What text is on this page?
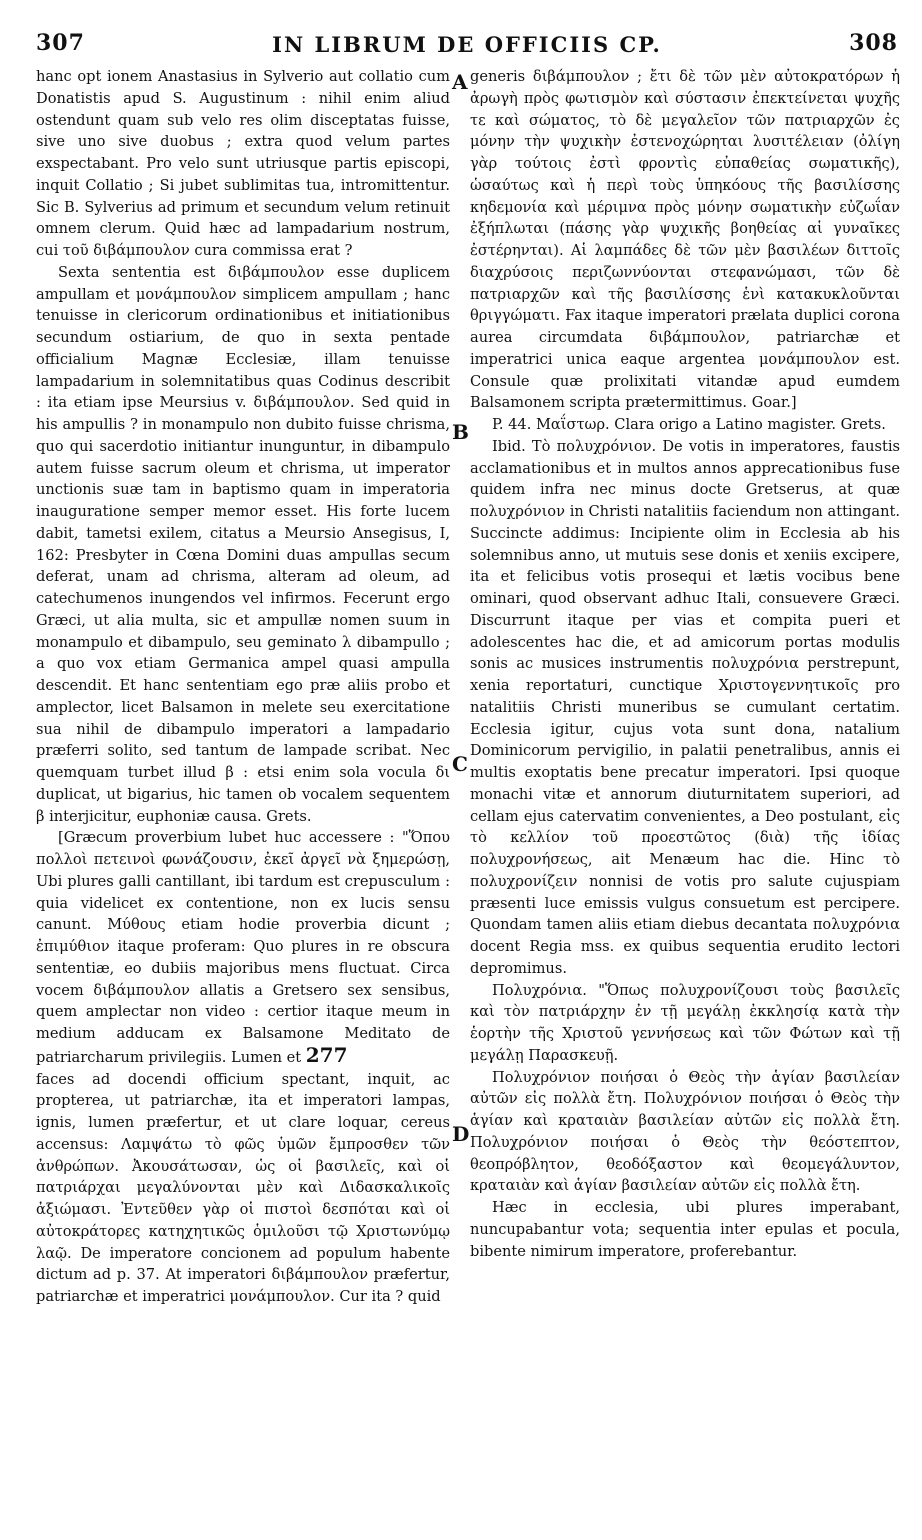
307	IN LIBRUM DE OFFICIIS CP.	308

hanc opt ionem Anastasius in Sylverio aut collatio cum Donatistis apud S. Augustinum : nihil enim aliud ostendunt quam sub velo res olim disceptatas fuisse, sive uno sive duobus ; extra quod velum partes exspectabant. Pro velo sunt utriusque partis episcopi, inquit Collatio ; Si jubet sublimitas tua, intromittentur. Sic B. Sylverius ad primum et secundum velum retinuit omnem clerum. Quid hæc ad lampadarium nostrum, cui τοῦ διβάμπουλον cura commissa erat ?

Sexta sententia est διβάμπουλον esse duplicem ampullam et μονάμπουλον simplicem ampullam ; hanc tenuisse in clericorum ordinationibus et initiationibus secundum ostiarium, de quo in sexta pentade officialium Magnæ Ecclesiæ, illam tenuisse lampadarium in solemnitatibus quas Codinus describit : ita etiam ipse Meursius v. διβάμπουλον. Sed quid in his ampullis ? in monampulo non dubito fuisse chrisma, quo qui sacerdotio initiantur inunguntur, in dibampulo autem fuisse sacrum oleum et chrisma, ut imperator unctionis suæ tam in baptismo quam in imperatoria inauguratione semper memor esset. His forte lucem dabit, tametsi exilem, citatus a Meursio Ansegisus, I, 162: Presbyter in Cœna Domini duas ampullas secum deferat, unam ad chrisma, alteram ad oleum, ad catechumenos inungendos vel infirmos. Fecerunt ergo Græci, ut alia multa, sic et ampullæ nomen suum in monampulo et dibampulo, seu geminato λ dibampullo ; a quo vox etiam Germanica ampel quasi ampulla descendit. Et hanc sententiam ego præ aliis probo et amplector, licet Balsamon in melete seu exercitatione sua nihil de dibampulo imperatori a lampadario præferri solito, sed tantum de lampade scribat. Nec quemquam turbet illud β : etsi enim sola vocula δι duplicat, ut bigarius, hic tamen ob vocalem sequentem β interjicitur, euphoniæ causa. Grets.

[Græcum proverbium lubet huc accessere : "Ὅπου πολλοὶ πετεινοὶ φωνάζουσιν, ἐκεῖ ἀργεῖ νὰ ξημερώσῃ, Ubi plures galli cantillant, ibi tardum est crepusculum : quia videlicet ex contentione, non ex lucis sensu canunt. Μύθους etiam hodie proverbia dicunt ; ἐπιμύθιον itaque proferam: Quo plures in re obscura sententiæ, eo dubiis majoribus mens fluctuat. Circa vocem διβάμπουλον allatis a Gretsero sex sensibus, quem amplectar non video : certior itaque meum in medium adducam ex Balsamone Meditato de patriarcharum privilegiis. Lumen et 277

faces ad docendi officium spectant, inquit, ac propterea, ut patriarchæ, ita et imperatori lampas, ignis, lumen præfertur, et ut clare loquar, cereus accensus: Λαμψάτω τὸ φῶς ὑμῶν ἔμπροσθεν τῶν ἀνθρώπων. Ἀκουσάτωσαν, ὡς οἱ βασιλεῖς, καὶ οἱ πατριάρχαι μεγαλύνονται μὲν καὶ Διδασκαλικοῖς ἀξιώμασι. Ἐντεῦθεν γὰρ οἱ πιστοὶ δεσπόται καὶ οἱ αὐτοκράτορες κατηχητικῶς ὁμιλοῦσι τῷ Χριστωνύμῳ λαῷ. De imperatore concionem ad populum habente dictum ad p. 37. At imperatori διβάμπουλον præfertur, patriarchæ et imperatrici μονάμπουλον. Cur ita ? quid

A
B
C
D

generis διβάμπουλον ; ἔτι δὲ τῶν μὲν αὐτοκρατόρων ἡ ἀρωγὴ πρὸς φωτισμὸν καὶ σύστασιν ἐπεκτείνεται ψυχῆς τε καὶ σώματος, τὸ δὲ μεγαλεῖον τῶν πατριαρχῶν ἐς μόνην τὴν ψυχικὴν ἐστενοχώρηται λυσιτέλειαν (ὀλίγη γὰρ τούτοις ἐστὶ φροντὶς εὐπαθείας σωματικῆς), ὡσαύτως καὶ ἡ περὶ τοὺς ὑπηκόους τῆς βασιλίσσης κηδεμονία καὶ μέριμνα πρὸς μόνην σωματικὴν εὐζωΐαν ἐξήπλωται (πάσης γὰρ ψυχικῆς βοηθείας αἱ γυναῖκες ἐστέρηνται). Αἱ λαμπάδες δὲ τῶν μὲν βασιλέων διττοῖς διαχρύσοις περιζωννύονται στεφανώμασι, τῶν δὲ πατριαρχῶν καὶ τῆς βασιλίσσης ἑνὶ κατακυκλοῦνται θριγγώματι. Fax itaque imperatori prælata duplici corona aurea circumdata διβάμπουλον, patriarchæ et imperatrici unica eaque argentea μονάμπουλον est. Consule quæ prolixitati vitandæ apud eumdem Balsamonem scripta prætermittimus. Goar.]

P. 44. Μαΐστωρ. Clara origo a Latino magister. Grets.

Ibid. Τὸ πολυχρόνιον. De votis in imperatores, faustis acclamationibus et in multos annos apprecationibus fuse quidem infra nec minus docte Gretserus, at quæ πολυχρόνιον in Christi natalitiis faciendum non attingant. Succincte addimus: Incipiente olim in Ecclesia ab his solemnibus anno, ut mutuis sese donis et xeniis excipere, ita et felicibus votis prosequi et lætis vocibus bene ominari, quod observant adhuc Itali, consuevere Græci. Discurrunt itaque per vias et compita pueri et adolescentes hac die, et ad amicorum portas modulis sonis ac musices instrumentis πολυχρόνια perstrepunt, xenia reportaturi, cunctique Χριστογεννητικοῖς pro natalitiis Christi muneribus se cumulant certatim. Ecclesia igitur, cujus vota sunt dona, natalium Dominicorum pervigilio, in palatii penetralibus, annis ei multis exoptatis bene precatur imperatori. Ipsi quoque monachi vitæ et annorum diuturnitatem superiori, ad cellam ejus catervatim convenientes, a Deo postulant, εἰς τὸ κελλίον τοῦ προεστῶτος (διὰ) τῆς ἰδίας πολυχρονήσεως, ait Menæum hac die. Hinc τὸ πολυχρονίζειν nonnisi de votis pro salute cujuspiam præsenti luce emissis vulgus consuetum est percipere. Quondam tamen aliis etiam diebus decantata πολυχρόνια docent Regia mss. ex quibus sequentia erudito lectori depromimus.

Πολυχρόνια. "Ὅπως πολυχρονίζουσι τοὺς βασιλεῖς καὶ τὸν πατριάρχην ἐν τῇ μεγάλῃ ἐκκλησίᾳ κατὰ τὴν ἑορτὴν τῆς Χριστοῦ γεννήσεως καὶ τῶν Φώτων καὶ τῇ μεγάλῃ Παρασκευῇ.

Πολυχρόνιον ποιήσαι ὁ Θεὸς τὴν ἁγίαν βασιλείαν αὐτῶν εἰς πολλὰ ἔτη. Πολυχρόνιον ποιήσαι ὁ Θεὸς τὴν ἁγίαν καὶ κραταιὰν βασιλείαν αὐτῶν εἰς πολλὰ ἔτη. Πολυχρόνιον ποιήσαι ὁ Θεὸς τὴν θεόστεπτον, θεοπρόβλητον, θεοδόξαστον καὶ θεομεγάλυντον, κραταιὰν καὶ ἁγίαν βασιλείαν αὐτῶν εἰς πολλὰ ἔτη.

Hæc in ecclesia, ubi plures imperabant, nuncupabantur vota; sequentia inter epulas et pocula, bibente nimirum imperatore, proferebantur.
